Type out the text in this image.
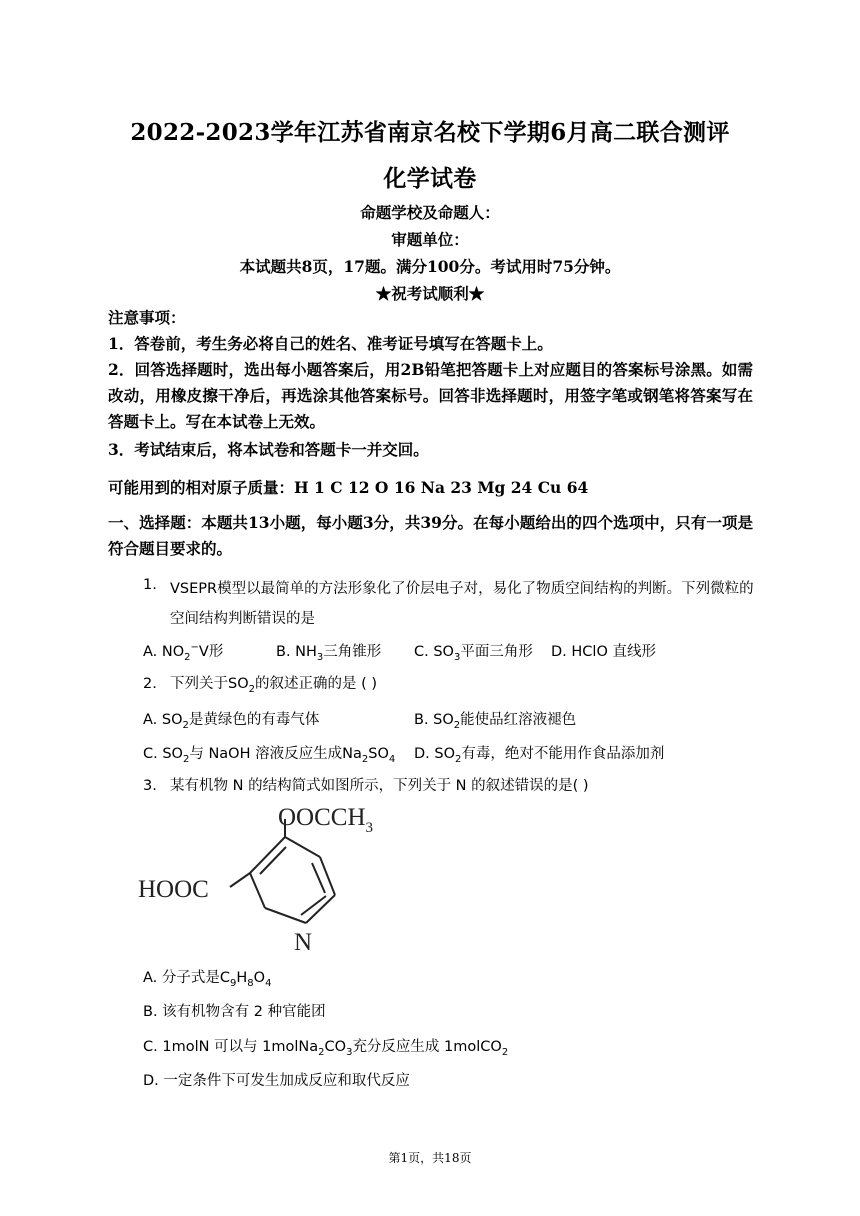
2022-2023学年江苏省南京名校下学期6月高二联合测评
化学试卷
命题学校及命题人：
审题单位：
本试题共8页，17题。满分100分。考试用时75分钟。
★祝考试顺利★
注意事项：
1．答卷前，考生务必将自己的姓名、准考证号填写在答题卡上。
2．回答选择题时，选出每小题答案后，用2B铅笔把答题卡上对应题目的答案标号涂黑。如需改动，用橡皮擦干净后，再选涂其他答案标号。回答非选择题时，用签字笔或钢笔将答案写在答题卡上。写在本试卷上无效。
3．考试结束后，将本试卷和答题卡一并交回。
可能用到的相对原子质量：H 1 C 12 O 16 Na 23 Mg 24 Cu 64
一、选择题：本题共13小题，每小题3分，共39分。在每小题给出的四个选项中，只有一项是符合题目要求的。
1. VSEPR模型以最简单的方法形象化了价层电子对，易化了物质空间结构的判断。下列微粒的空间结构判断错误的是
A. $NO_2^-V$形	B. $NH_3$三角锥形 C. $SO_3$平面三角形 D. HClO 直线形
2. 下列关于$SO_2$的叙述正确的是 ( )
A. $SO_2$是黄绿色的有毒气体	B. $SO_2$能使品红溶液褪色
C. $SO_2$与 NaOH 溶液反应生成$Na_2SO_4$ D. $SO_2$有毒，绝对不能用作食品添加剂
3. 某有机物 N 的结构简式如图所示，下列关于 N 的叙述错误的是( )
$OOCCH_3$
HOOC
N
A. 分子式是$C_9H_8O_4$
B. 该有机物含有 2 种官能团
C. 1molN 可以与 $1molNa_2CO_3$充分反应生成 1molCO$_2$
D. 一定条件下可发生加成反应和取代反应
第1页，共18页
